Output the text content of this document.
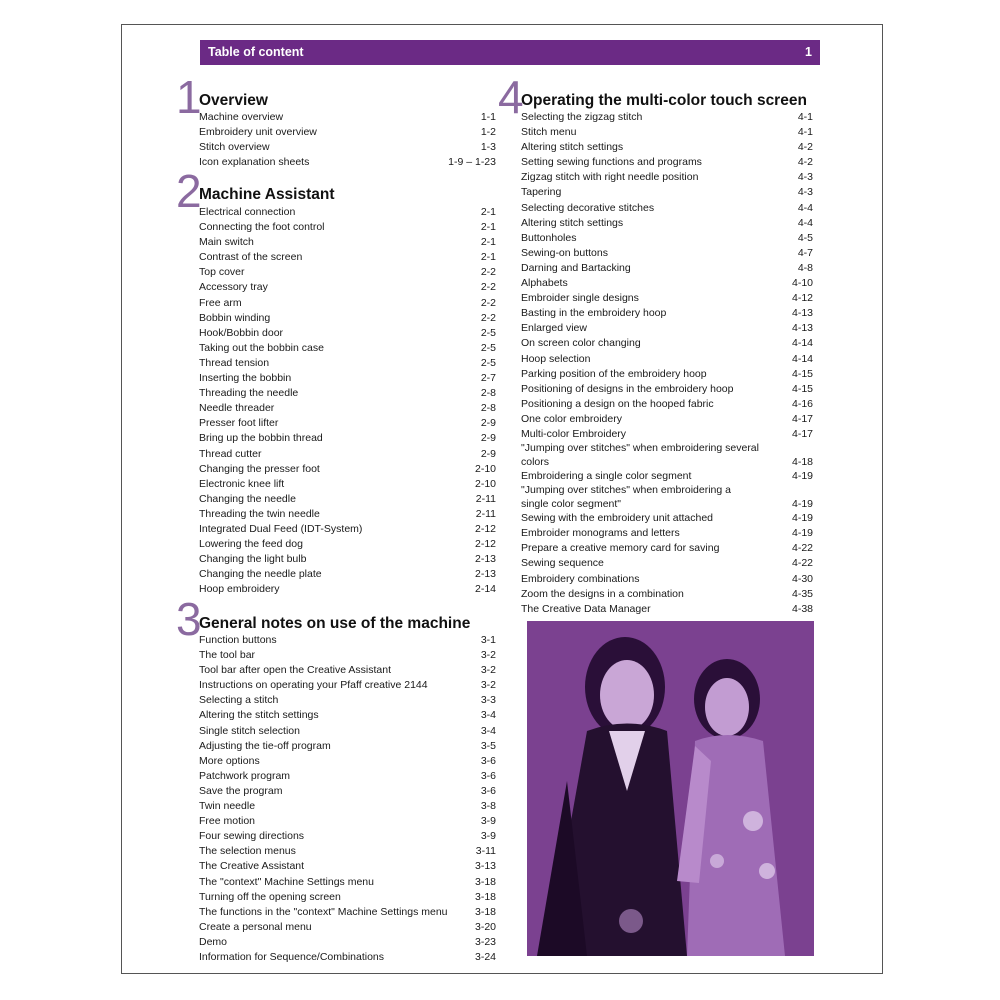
Table of content	1
1
Overview
Machine overview	1-1
Embroidery unit overview	1-2
Stitch overview	1-3
Icon explanation sheets	1-9 – 1-23
2
Machine Assistant
Electrical connection	2-1
Connecting the foot control	2-1
Main switch	2-1
Contrast of the screen	2-1
Top cover	2-2
Accessory tray	2-2
Free arm	2-2
Bobbin winding	2-2
Hook/Bobbin door	2-5
Taking out the bobbin case	2-5
Thread tension	2-5
Inserting the bobbin	2-7
Threading the needle	2-8
Needle threader	2-8
Presser foot lifter	2-9
Bring up the bobbin thread	2-9
Thread cutter	2-9
Changing the presser foot	2-10
Electronic knee lift	2-10
Changing the needle	2-11
Threading the twin needle	2-11
Integrated Dual Feed (IDT-System)	2-12
Lowering the feed dog	2-12
Changing the light bulb	2-13
Changing the needle plate	2-13
Hoop embroidery	2-14
3
General notes on use of the machine
Function buttons	3-1
The tool bar	3-2
Tool bar after open the Creative Assistant	3-2
Instructions on operating your Pfaff creative 2144	3-2
Selecting a stitch	3-3
Altering the stitch settings	3-4
Single stitch selection	3-4
Adjusting the tie-off program	3-5
More options	3-6
Patchwork program	3-6
Save the program	3-6
Twin needle	3-8
Free motion	3-9
Four sewing directions	3-9
The selection menus	3-11
The Creative Assistant	3-13
The "context" Machine Settings menu	3-18
Turning off the opening screen	3-18
The functions in the "context" Machine Settings menu	3-18
Create a personal menu	3-20
Demo	3-23
Information for Sequence/Combinations	3-24
4
Operating the multi-color touch screen
Selecting the zigzag stitch	4-1
Stitch menu	4-1
Altering stitch settings	4-2
Setting sewing functions and programs	4-2
Zigzag stitch with right needle position	4-3
Tapering	4-3
Selecting decorative stitches	4-4
Altering stitch settings	4-4
Buttonholes	4-5
Sewing-on buttons	4-7
Darning and Bartacking	4-8
Alphabets	4-10
Embroider single designs	4-12
Basting in the embroidery hoop	4-13
Enlarged view	4-13
On screen color changing	4-14
Hoop selection	4-14
Parking position of the embroidery hoop	4-15
Positioning of designs in the embroidery hoop	4-15
Positioning a design on the hooped fabric	4-16
One color embroidery	4-17
Multi-color Embroidery	4-17
"Jumping over stitches" when embroidering several colors	4-18
Embroidering a single color segment	4-19
"Jumping over stitches" when embroidering a single color segment"	4-19
Sewing with the embroidery unit attached	4-19
Embroider monograms and letters	4-19
Prepare a creative memory card for saving	4-22
Sewing sequence	4-22
Embroidery combinations	4-30
Zoom the designs in a combination	4-35
The Creative Data Manager	4-38
